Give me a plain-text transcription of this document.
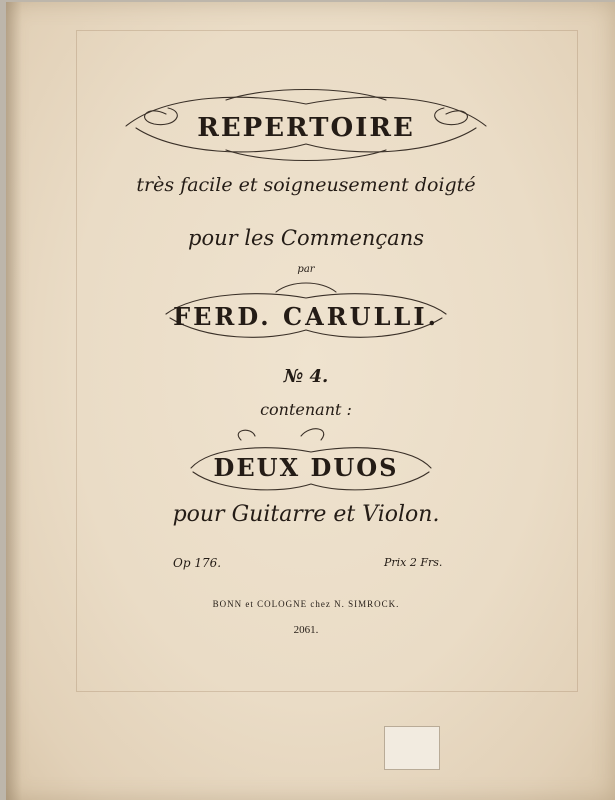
REPERTOIRE
très facile et soigneusement doigté
pour les Commençans
par
FERD. CARULLI.
№ 4.
contenant :
DEUX DUOS
pour Guitarre et Violon.
Op 176.	Prix 2 Frs.
BONN et COLOGNE chez N. SIMROCK.
2061.
